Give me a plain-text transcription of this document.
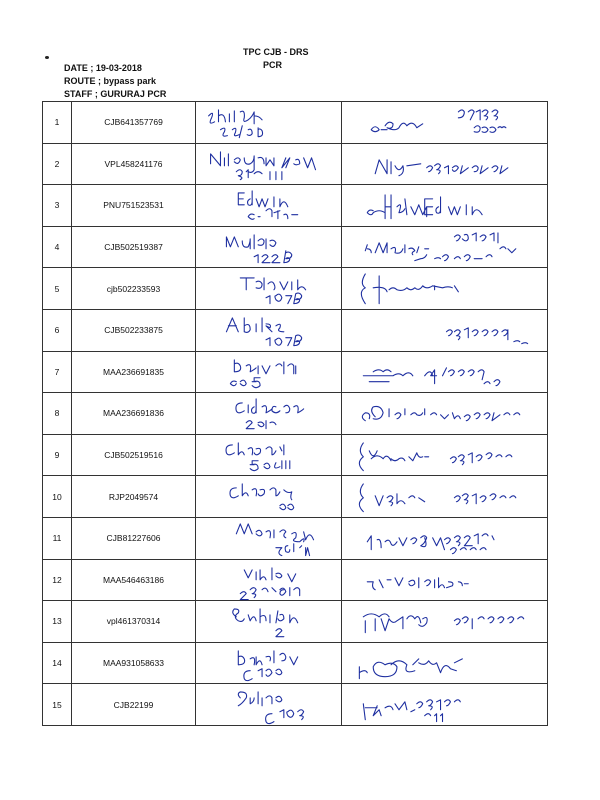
TPC CJB - DRS
PCR
DATE ; 19-03-2018
ROUTE ; bypass park
STAFF ; GURURAJ PCR
1	CJB641357769	

2	VPL458241176	

3	PNU751523531	

4	CJB502519387	

5	cjb502233593	

6	CJB502233875	

7	MAA236691835	

8	MAA236691836	

9	CJB502519516	

10	RJP2049574	

11	CJB81227606	

12	MAA546463186	

13	vpl461370314	

14	MAA931058633	

15	CJB22199	
